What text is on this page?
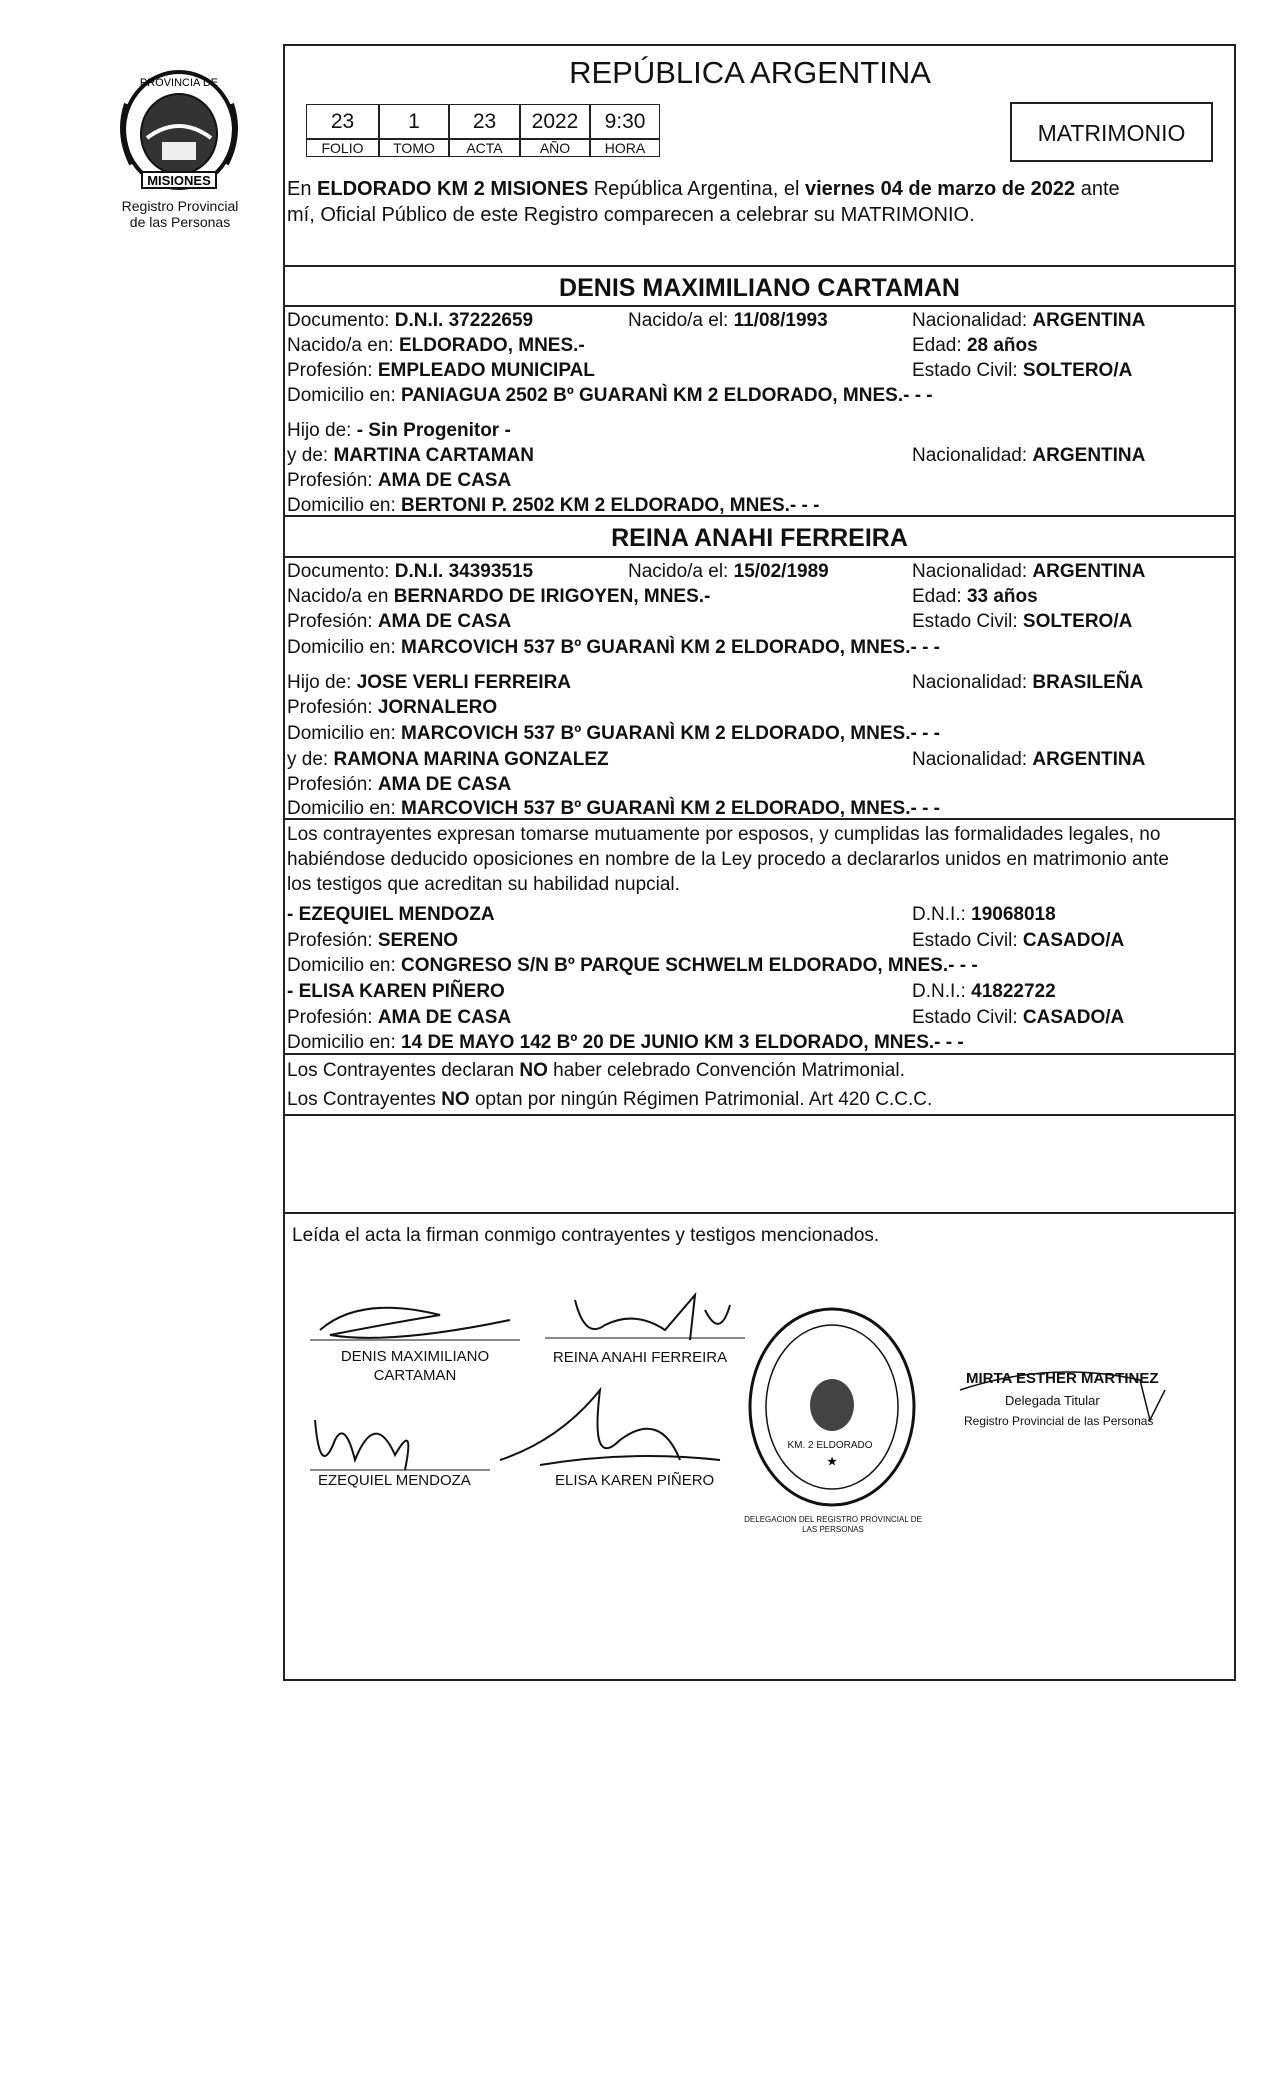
MISIONES
PROVINCIA DE
Registro Provincial
de las Personas
REPÚBLICA ARGENTINA
23	1	23	2022	9:30
FOLIO	TOMO	ACTA	AÑO	HORA
MATRIMONIO
En ELDORADO KM 2 MISIONES República Argentina, el viernes 04 de marzo de 2022 ante
mí, Oficial Público de este Registro comparecen a celebrar su MATRIMONIO.
DENIS MAXIMILIANO CARTAMAN
Documento: D.N.I. 37222659	Nacido/a el: 11/08/1993	Nacionalidad: ARGENTINA
Nacido/a en: ELDORADO, MNES.-	Edad: 28 años
Profesión: EMPLEADO MUNICIPAL	Estado Civil: SOLTERO/A
Domicilio en: PANIAGUA 2502 Bº GUARANÌ KM 2 ELDORADO, MNES.- - -
Hijo de: - Sin Progenitor -
y de: MARTINA CARTAMAN	Nacionalidad: ARGENTINA
Profesión: AMA DE CASA
Domicilio en: BERTONI P. 2502 KM 2 ELDORADO, MNES.- - -
REINA ANAHI FERREIRA
Documento: D.N.I. 34393515	Nacido/a el: 15/02/1989	Nacionalidad: ARGENTINA
Nacido/a en BERNARDO DE IRIGOYEN, MNES.-	Edad: 33 años
Profesión: AMA DE CASA	Estado Civil: SOLTERO/A
Domicilio en: MARCOVICH 537 Bº GUARANÌ KM 2 ELDORADO, MNES.- - -
Hijo de: JOSE VERLI FERREIRA	Nacionalidad: BRASILEÑA
Profesión: JORNALERO
Domicilio en: MARCOVICH 537 Bº GUARANÌ KM 2 ELDORADO, MNES.- - -
y de: RAMONA MARINA GONZALEZ	Nacionalidad: ARGENTINA
Profesión: AMA DE CASA
Domicilio en: MARCOVICH 537 Bº GUARANÌ KM 2 ELDORADO, MNES.- - -
Los contrayentes expresan tomarse mutuamente por esposos, y cumplidas las formalidades legales, no
habiéndose deducido oposiciones en nombre de la Ley procedo a declararlos unidos en matrimonio ante
los testigos que acreditan su habilidad nupcial.
- EZEQUIEL MENDOZA	D.N.I.: 19068018
Profesión: SERENO	Estado Civil: CASADO/A
Domicilio en: CONGRESO S/N Bº PARQUE SCHWELM ELDORADO, MNES.- - -
- ELISA KAREN PIÑERO	D.N.I.: 41822722
Profesión: AMA DE CASA	Estado Civil: CASADO/A
Domicilio en: 14 DE MAYO 142 Bº 20 DE JUNIO KM 3 ELDORADO, MNES.- - -
Los Contrayentes declaran NO haber celebrado Convención Matrimonial.
Los Contrayentes NO optan por ningún Régimen Patrimonial. Art 420 C.C.C.
Leída el acta la firman conmigo contrayentes y testigos mencionados.
DENIS MAXIMILIANO
CARTAMAN
REINA ANAHI FERREIRA
EZEQUIEL MENDOZA	ELISA KAREN PIÑERO
★
KM. 2 ELDORADO
DELEGACION DEL REGISTRO PROVINCIAL DE LAS PERSONAS
MIRTA ESTHER MARTINEZ
Delegada Titular
Registro Provincial de las Personas
